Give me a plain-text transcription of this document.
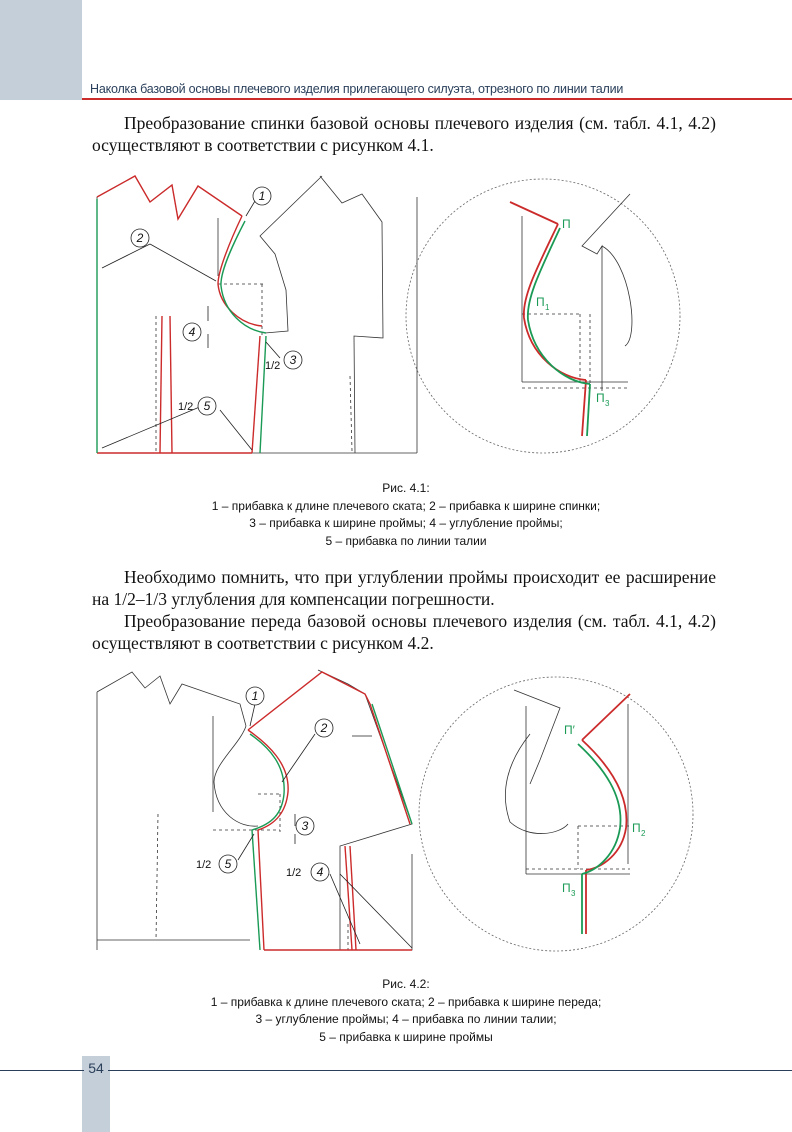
Наколка базовой основы плечевого изделия прилегающего силуэта, отрезного по линии талии
Преобразование спинки базовой основы плечевого изделия (см. табл. 4.1, 4.2) осуществляют в соответствии с рисунком 4.1.
1
2
4
3
5
1/2
1/2
П
П 1
П 3
Рис. 4.1:
1 – прибавка к длине плечевого ската; 2 – прибавка к ширине спинки;
3 – прибавка к ширине проймы; 4 – углубление проймы;
5 – прибавка по линии талии
Необходимо помнить, что при углублении проймы происходит ее расширение на 1/2–1/3 углубления для компенсации погрешности.
Преобразование переда базовой основы плечевого изделия (см. табл. 4.1, 4.2) осуществляют в соответствии с рисунком 4.2.
1
2
3
5
4
1/2
1/2
П′
П 2
П 3
Рис. 4.2:
1 – прибавка к длине плечевого ската; 2 – прибавка к ширине переда;
3 – углубление проймы; 4 – прибавка по линии талии;
5 – прибавка к ширине проймы
54
